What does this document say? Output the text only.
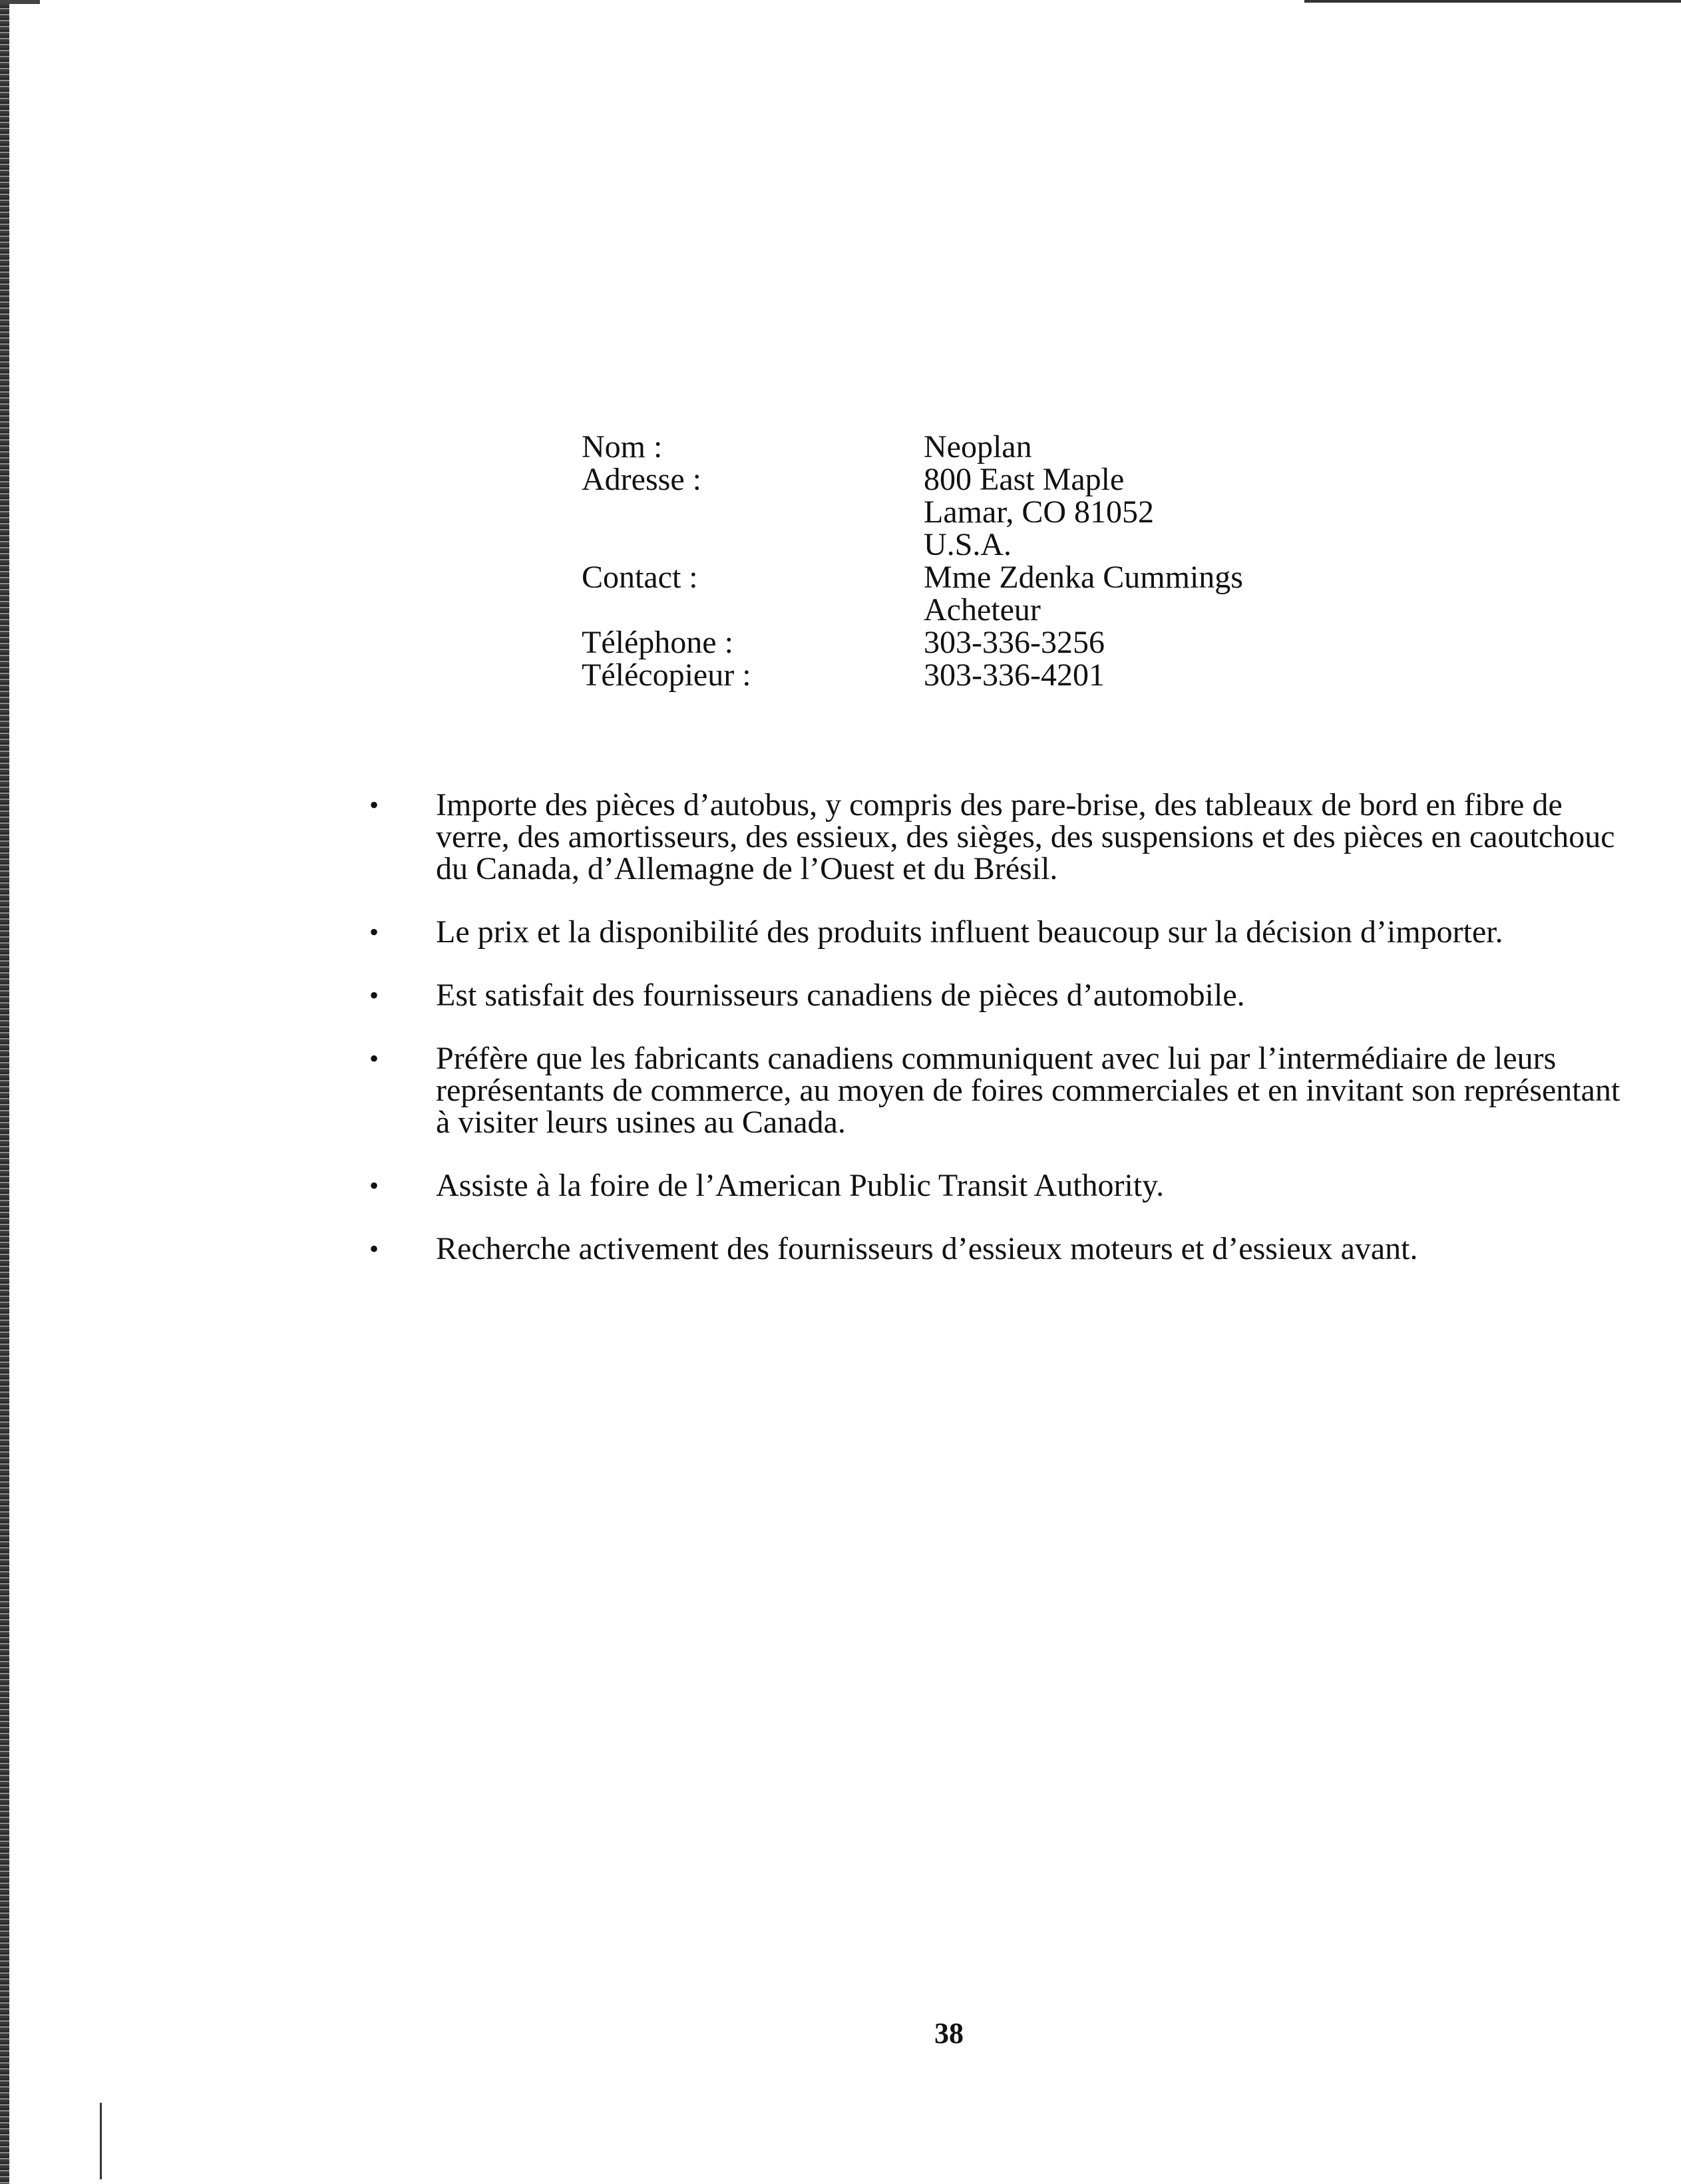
Nom :	Neoplan
Adresse :	800 East Maple
Lamar, CO 81052
U.S.A.
Contact :	Mme Zdenka Cummings
Acheteur
Téléphone :	303-336-3256
Télécopieur :	303-336-4201
• Importe des pièces d’autobus, y compris des pare-brise, des tableaux de bord en fibre de verre, des amortisseurs, des essieux, des sièges, des suspensions et des pièces en caoutchouc du Canada, d’Allemagne de l’Ouest et du Brésil.
• Le prix et la disponibilité des produits influent beaucoup sur la décision d’importer.
• Est satisfait des fournisseurs canadiens de pièces d’automobile.
• Préfère que les fabricants canadiens communiquent avec lui par l’intermédiaire de leurs représentants de commerce, au moyen de foires commerciales et en invitant son représentant à visiter leurs usines au Canada.
• Assiste à la foire de l’American Public Transit Authority.
• Recherche activement des fournisseurs d’essieux moteurs et d’essieux avant.
38
